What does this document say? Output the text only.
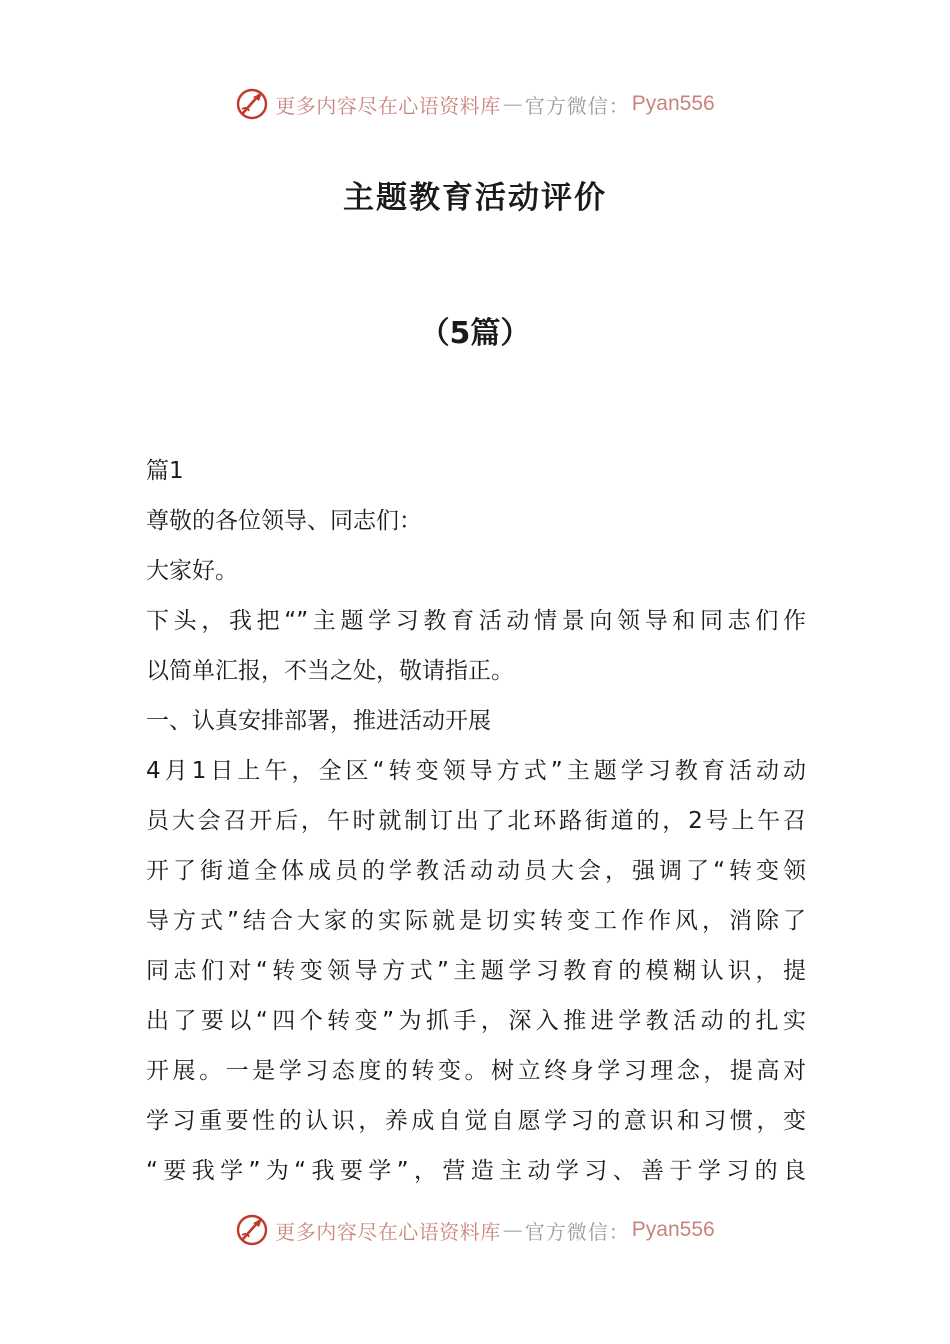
更多内容尽在心语资料库 — 官方微信： Pyan556
主题教育活动评价
（5篇）
篇1
尊敬的各位领导、同志们：
大家好。
下头，我把“”主题学习教育活动情景向领导和同志们作
以简单汇报，不当之处，敬请指正。
一、认真安排部署，推进活动开展
4月1日上午，全区“转变领导方式”主题学习教育活动动
员大会召开后，午时就制订出了北环路街道的，2号上午召
开了街道全体成员的学教活动动员大会，强调了“转变领
导方式”结合大家的实际就是切实转变工作作风，消除了
同志们对“转变领导方式”主题学习教育的模糊认识，提
出了要以“四个转变”为抓手，深入推进学教活动的扎实
开展。一是学习态度的转变。树立终身学习理念，提高对
学习重要性的认识，养成自觉自愿学习的意识和习惯，变
“要我学”为“我要学”，营造主动学习、善于学习的良
更多内容尽在心语资料库 — 官方微信： Pyan556
